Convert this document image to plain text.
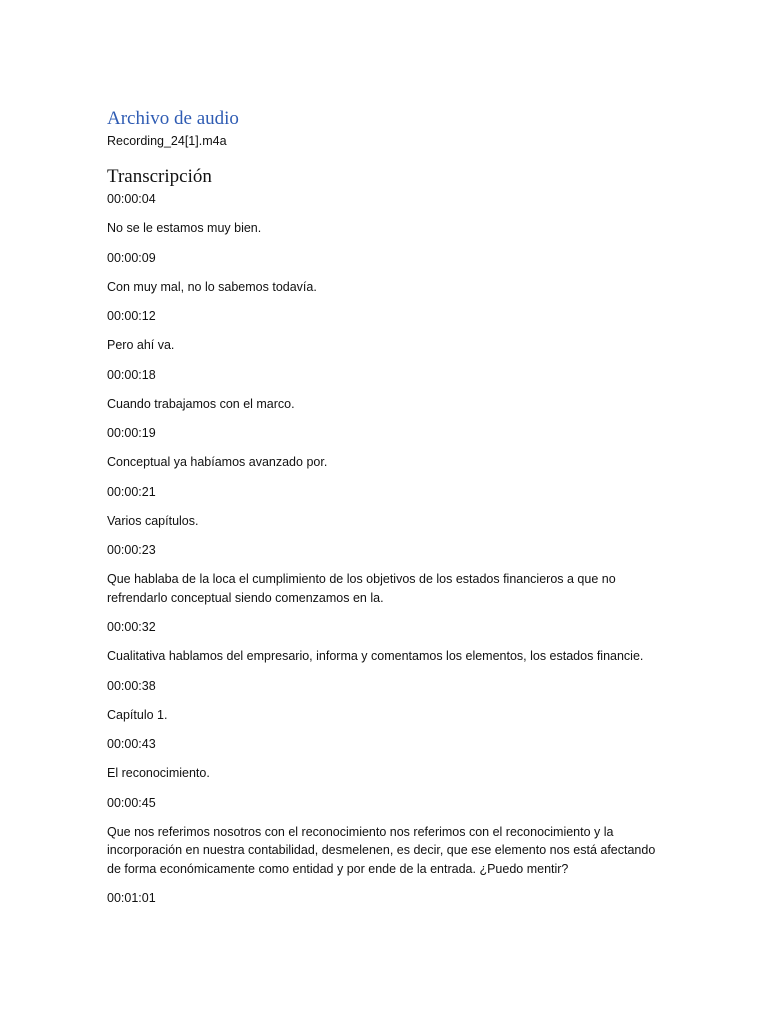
Archivo de audio

Recording_24[1].m4a

Transcripción

00:00:04

No se le estamos muy bien.

00:00:09

Con muy mal, no lo sabemos todavía.

00:00:12

Pero ahí va.

00:00:18

Cuando trabajamos con el marco.

00:00:19

Conceptual ya habíamos avanzado por.

00:00:21

Varios capítulos.

00:00:23

Que hablaba de la loca el cumplimiento de los objetivos de los estados financieros a que no refrendarlo conceptual siendo comenzamos en la.

00:00:32

Cualitativa hablamos del empresario, informa y comentamos los elementos, los estados financie.

00:00:38

Capítulo 1.

00:00:43

El reconocimiento.

00:00:45

Que nos referimos nosotros con el reconocimiento nos referimos con el reconocimiento y la incorporación en nuestra contabilidad, desmelenen, es decir, que ese elemento nos está afectando de forma económicamente como entidad y por ende de la entrada. ¿Puedo mentir?

00:01:01
